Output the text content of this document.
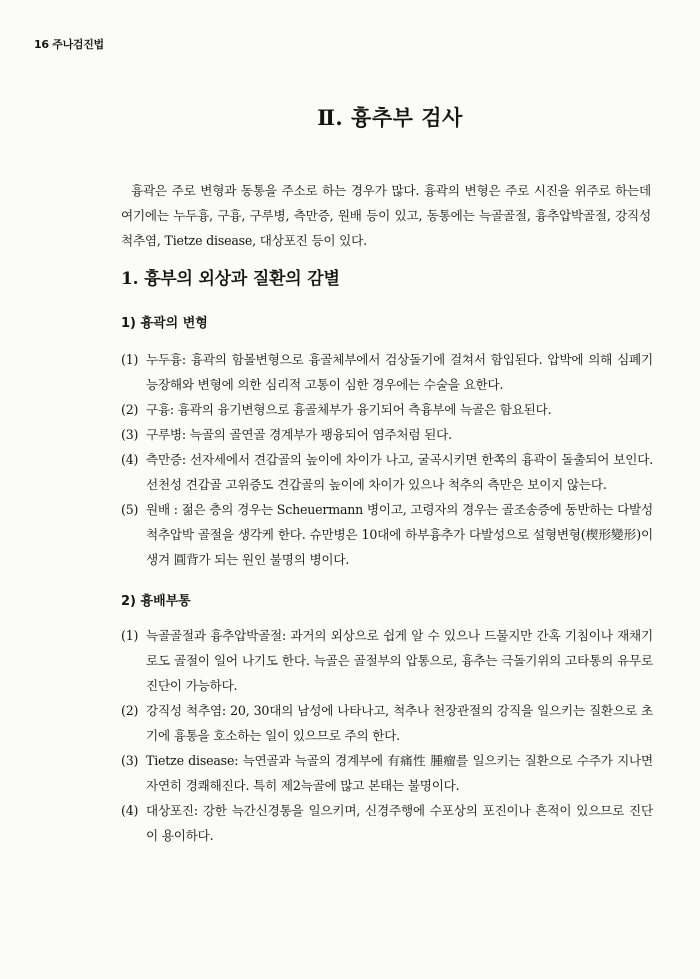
16 주나검진법
Ⅱ. 흉추부 검사

흉곽은 주로 변형과 동통을 주소로 하는 경우가 많다. 흉곽의 변형은 주로 시진을 위주로 하는데 여기에는 누두흉, 구흉, 구루병, 측만증, 원배 등이 있고, 동통에는 늑골골절, 흉추압박골절, 강직성 척추염, Tietze disease, 대상포진 등이 있다.

1. 흉부의 외상과 질환의 감별
1) 흉곽의 변형
(1) 누두흉: 흉곽의 함몰변형으로 흉골체부에서 검상돌기에 걸쳐서 함입된다. 압박에 의해 심폐기능장해와 변형에 의한 심리적 고통이 심한 경우에는 수술을 요한다.
(2) 구흉: 흉곽의 융기변형으로 흉골체부가 융기되어 측흉부에 늑골은 함요된다.
(3) 구루병: 늑골의 골연골 경계부가 팽융되어 염주처럼 된다.
(4) 측만증: 선자세에서 견갑골의 높이에 차이가 나고, 굴곡시키면 한쪽의 흉곽이 돌출되어 보인다. 선천성 견갑골 고위증도 견갑골의 높이에 차이가 있으나 척추의 측만은 보이지 않는다.
(5) 원배 : 젊은 층의 경우는 Scheuermann 병이고, 고령자의 경우는 골조송증에 동반하는 다발성 척추압박 골절을 생각케 한다. 슈만병은 10대에 하부흉추가 다발성으로 설형변형(楔形變形)이 생겨 圓背가 되는 원인 불명의 병이다.
2) 흉배부통
(1) 늑골골절과 흉추압박골절: 과거의 외상으로 쉽게 알 수 있으나 드물지만 간혹 기침이나 재채기로도 골절이 일어 나기도 한다. 늑골은 골절부의 압통으로, 흉추는 극돌기위의 고타통의 유무로 진단이 가능하다.
(2) 강직성 척추염: 20, 30대의 남성에 나타나고, 척추나 천장관절의 강직을 일으키는 질환으로 초기에 흉통을 호소하는 일이 있으므로 주의 한다.
(3) Tietze disease: 늑연골과 늑골의 경계부에 有痛性 腫瘤를 일으키는 질환으로 수주가 지나면 자연히 경쾌해진다. 특히 제2늑골에 많고 본태는 불명이다.
(4) 대상포진: 강한 늑간신경통을 일으키며, 신경주행에 수포상의 포진이나 흔적이 있으므로 진단이 용이하다.
